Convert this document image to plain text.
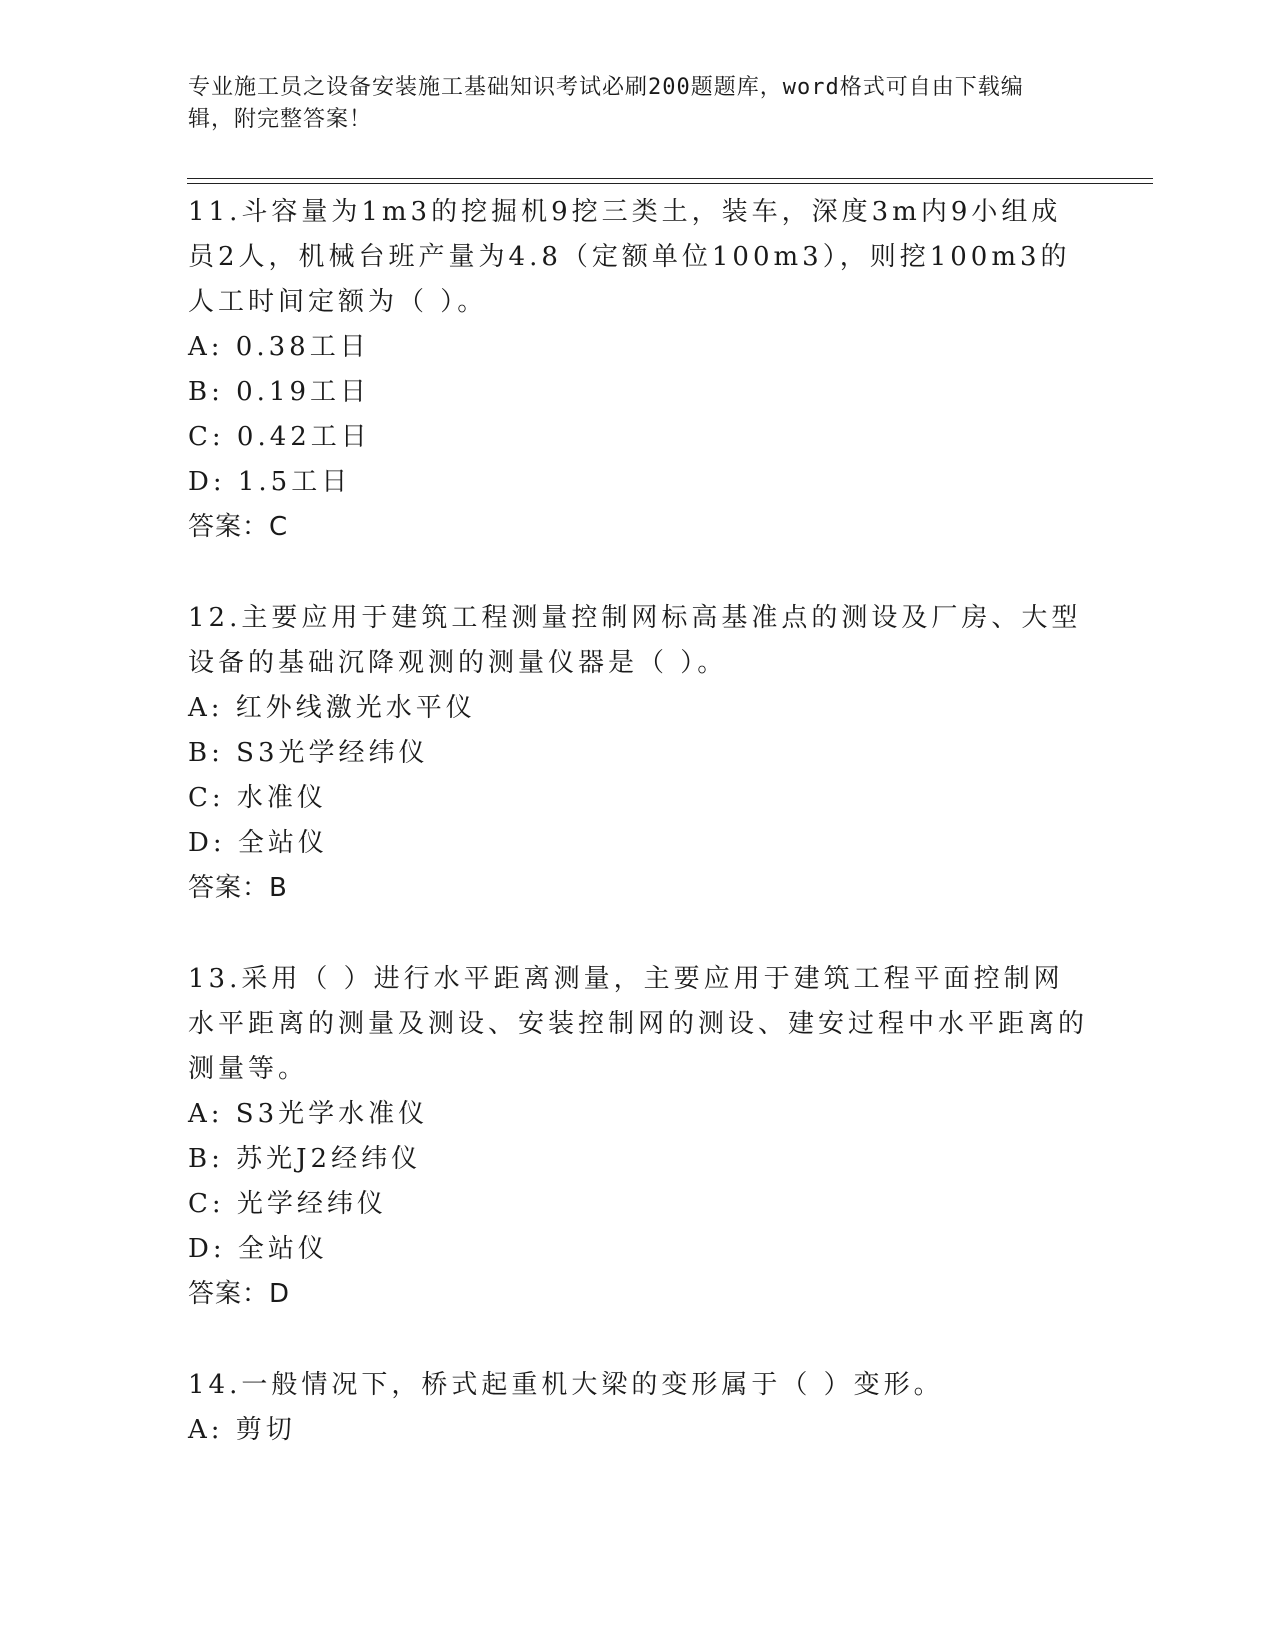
专业施工员之设备安装施工基础知识考试必刷200题题库，word格式可自由下载编辑，附完整答案！

11.斗容量为1m3的挖掘机9挖三类土，装车，深度3m内9小组成员2人，机械台班产量为4.8（定额单位100m3），则挖100m3的人工时间定额为（ ）。

A: 0.38工日

B: 0.19工日

C: 0.42工日

D: 1.5工日

答案：C

12.主要应用于建筑工程测量控制网标高基准点的测设及厂房、大型设备的基础沉降观测的测量仪器是（ ）。

A: 红外线激光水平仪

B: S3光学经纬仪

C: 水准仪

D: 全站仪

答案：B

13.采用（ ）进行水平距离测量，主要应用于建筑工程平面控制网水平距离的测量及测设、安装控制网的测设、建安过程中水平距离的测量等。

A: S3光学水准仪

B: 苏光J2经纬仪

C: 光学经纬仪

D: 全站仪

答案：D

14.一般情况下，桥式起重机大梁的变形属于（ ）变形。

A: 剪切
